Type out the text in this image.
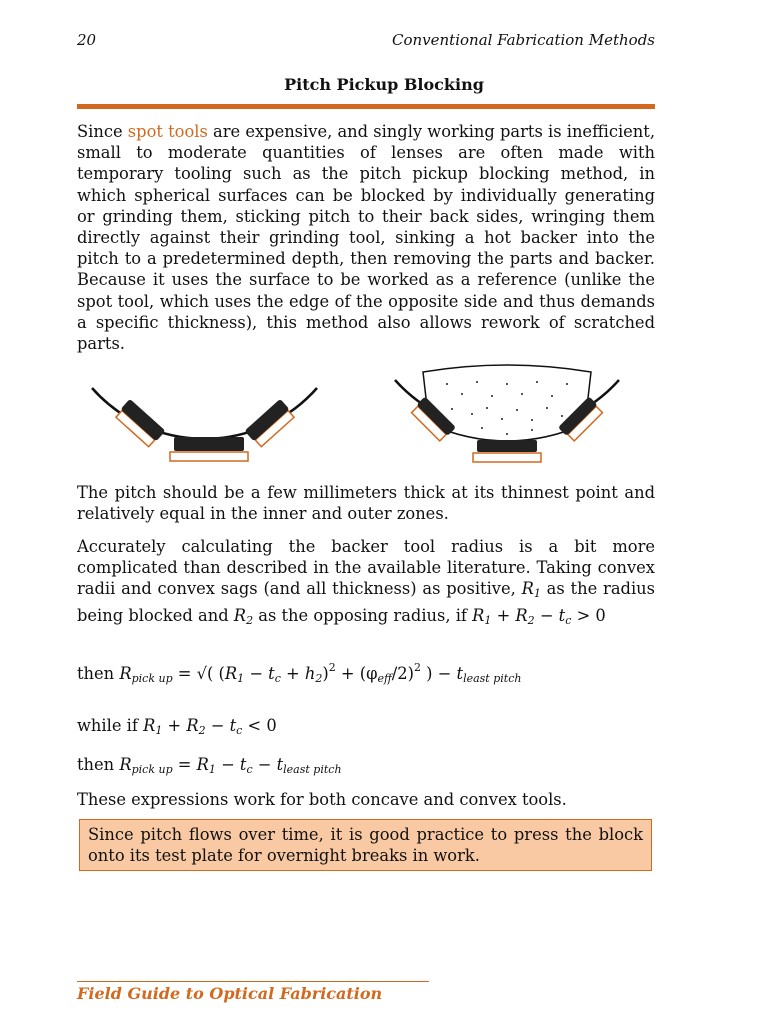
20	Conventional Fabrication Methods
Pitch Pickup Blocking

Since spot tools are expensive, and singly working parts is inefficient, small to moderate quantities of lenses are often made with temporary tooling such as the pitch pickup blocking method, in which spherical surfaces can be blocked by individually generating or grinding them, sticking pitch to their back sides, wringing them directly against their grinding tool, sinking a hot backer into the pitch to a predetermined depth, then removing the parts and backer. Because it uses the surface to be worked as a reference (unlike the spot tool, which uses the edge of the opposite side and thus demands a specific thickness), this method also allows rework of scratched parts.

The pitch should be a few millimeters thick at its thinnest point and relatively equal in the inner and outer zones.

Accurately calculating the backer tool radius is a bit more complicated than described in the available literature. Taking convex radii and convex sags (and all thickness) as positive, $R_1$ as the radius being blocked and $R_2$ as the opposing radius, if $R_1 + R_2 - t_c > 0$

then $R_{pick up}$ = √( $(R_1 - t_c + h_2)^2 + (\varphi_{eff}/2)^2$ ) − $t_{least pitch}$
while if $R_1 + R_2 - t_c < 0$
then $R_{pick up} = R_1 - t_c - t_{least pitch}$

These expressions work for both concave and convex tools.

Since pitch flows over time, it is good practice to press the block onto its test plate for overnight breaks in work.
Field Guide to Optical Fabrication
